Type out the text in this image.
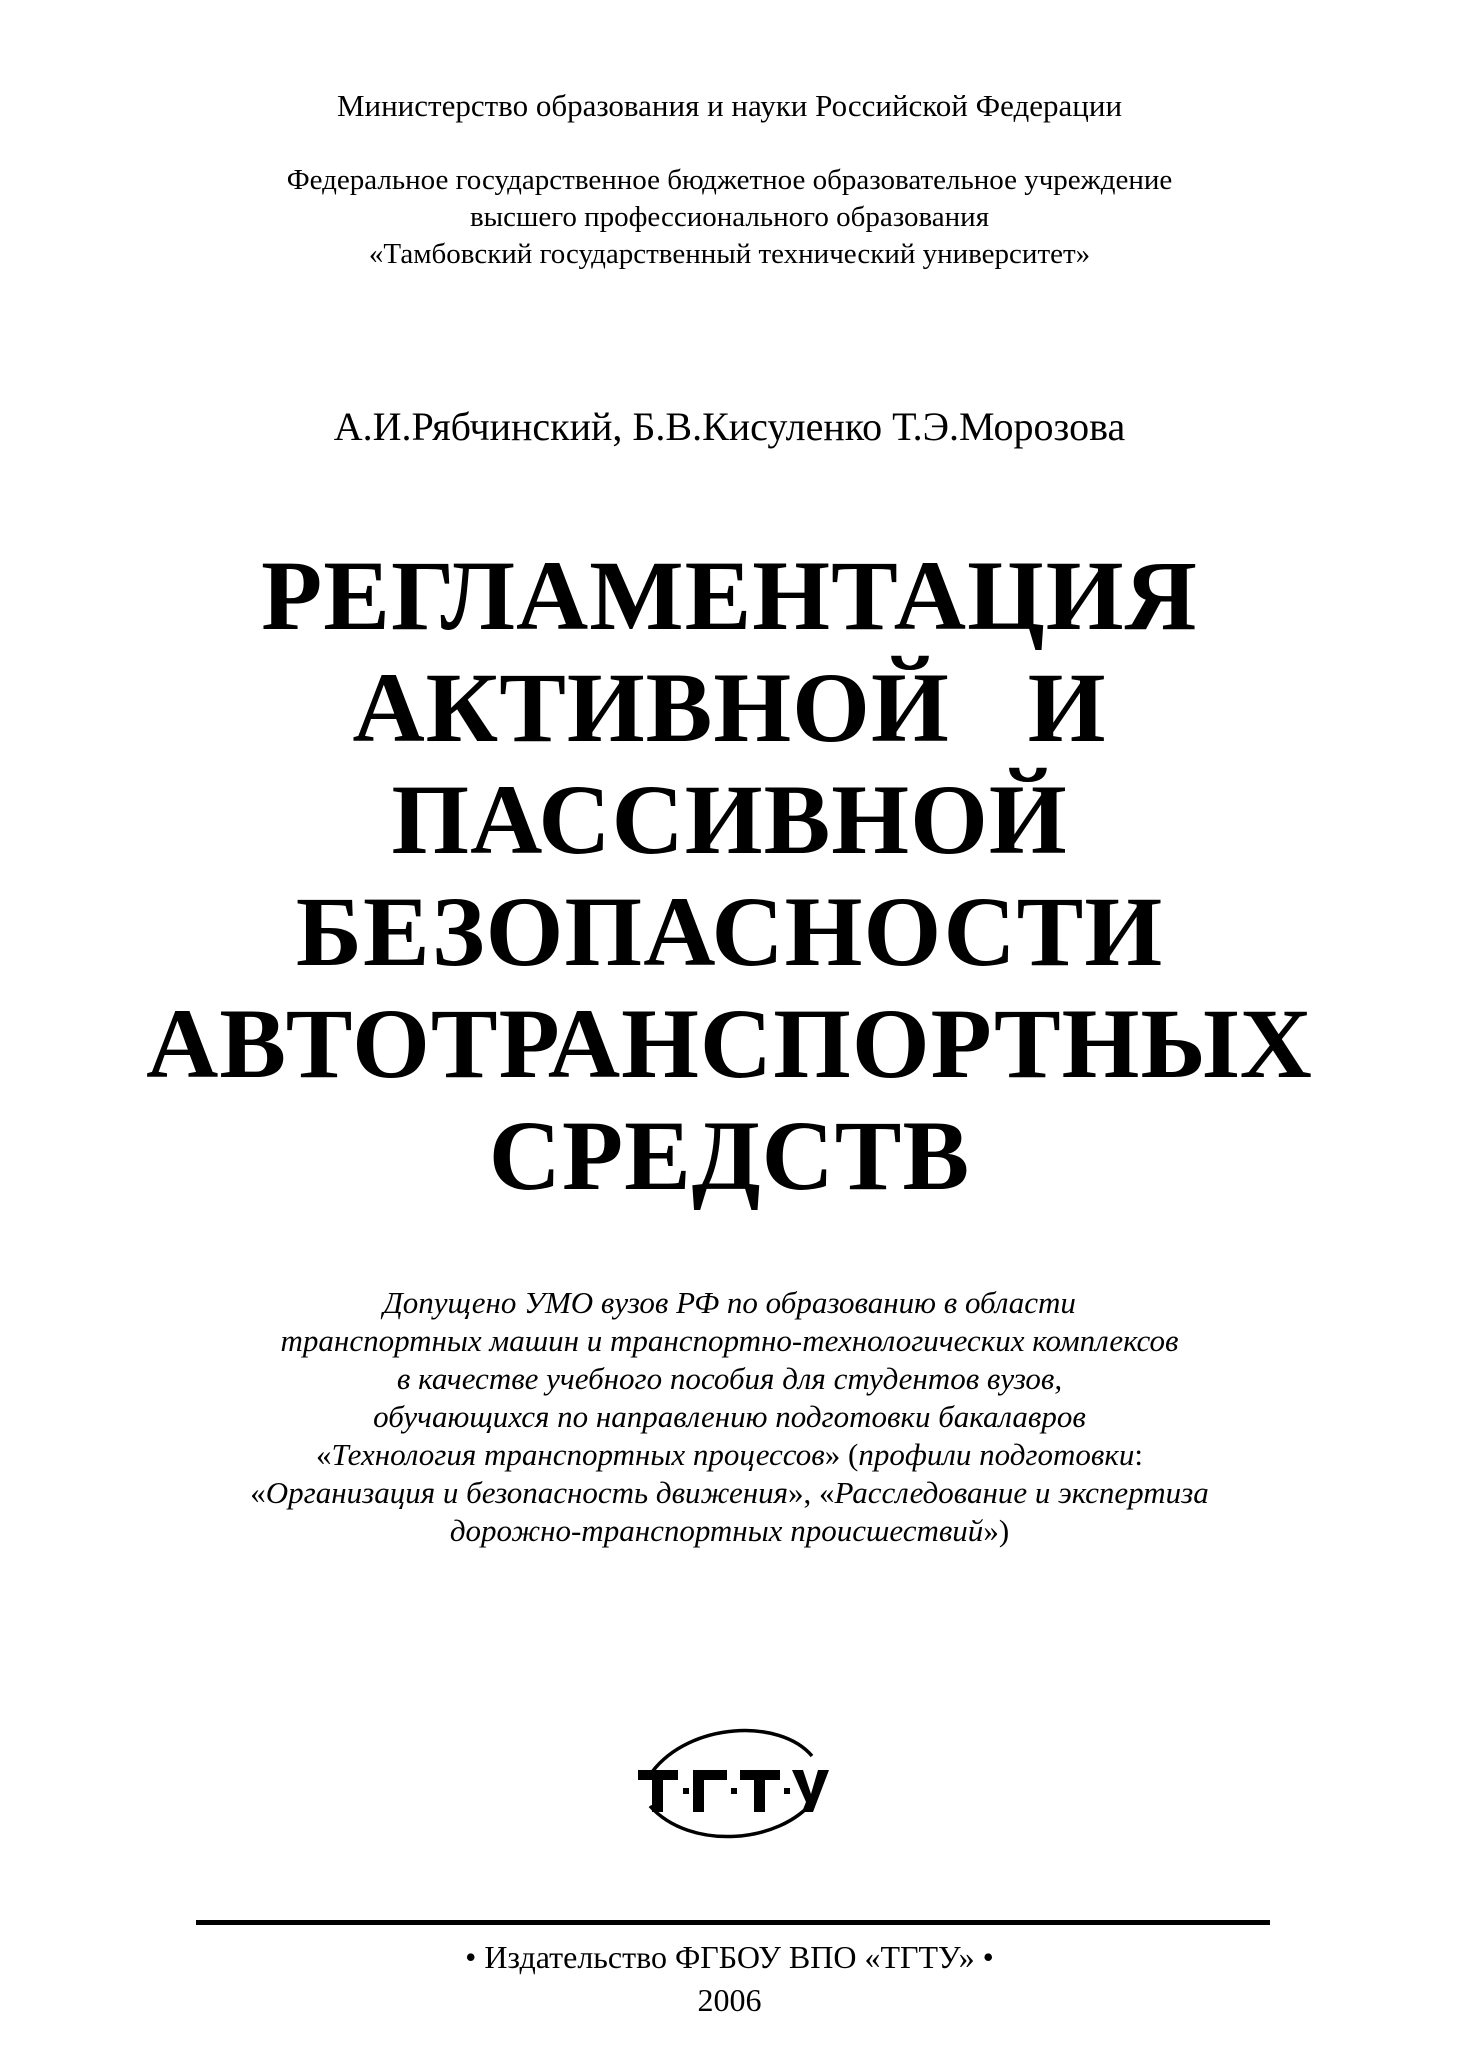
Министерство образования и науки Российской Федерации
Федеральное государственное бюджетное образовательное учреждение
высшего профессионального образования
«Тамбовский государственный технический университет»
А.И.Рябчинский, Б.В.Кисуленко Т.Э.Морозова
РЕГЛАМЕНТАЦИЯ
АКТИВНОЙ   И
ПАССИВНОЙ
БЕЗОПАСНОСТИ
АВТОТРАНСПОРТНЫХ
СРЕДСТВ
Допущено УМО вузов РФ по образованию в области
транспортных машин и транспортно-технологических комплексов
в качестве учебного пособия для студентов вузов,
обучающихся по направлению подготовки бакалавров
«Технология транспортных процессов» (профили подготовки:
«Организация и безопасность движения», «Расследование и экспертиза
дорожно-транспортных происшествий»)
• Издательство ФГБОУ ВПО «ТГТУ» •
2006
